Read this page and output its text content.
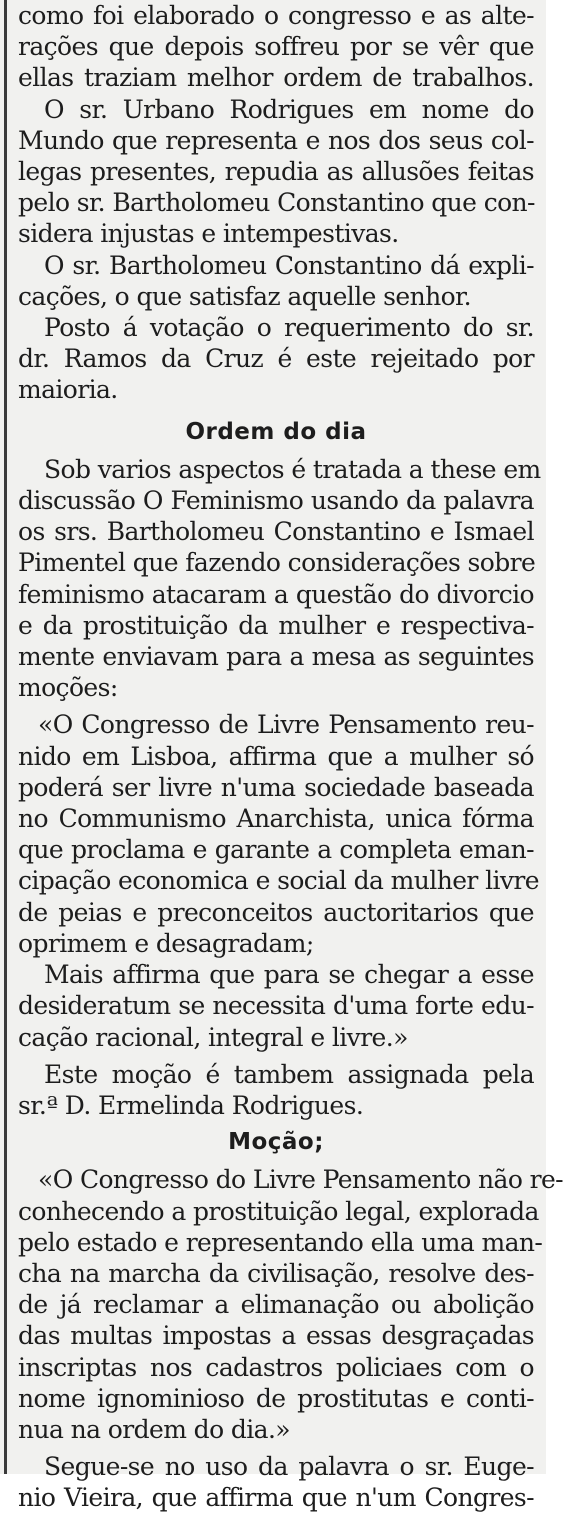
como foi elaborado o congresso e as alte-
rações que depois soffreu por se vêr que
ellas traziam melhor ordem de trabalhos.
O sr. Urbano Rodrigues em nome do
Mundo que representa e nos dos seus col-
legas presentes, repudia as allusões feitas
pelo sr. Bartholomeu Constantino que con-
sidera injustas e intempestivas.
O sr. Bartholomeu Constantino dá expli-
cações, o que satisfaz aquelle senhor.
Posto á votação o requerimento do sr.
dr. Ramos da Cruz é este rejeitado por
maioria.
Ordem do dia
Sob varios aspectos é tratada a these em
discussão O Feminismo usando da palavra
os srs. Bartholomeu Constantino e Ismael
Pimentel que fazendo considerações sobre
feminismo atacaram a questão do divorcio
e da prostituição da mulher e respectiva-
mente enviavam para a mesa as seguintes
moções:
«O Congresso de Livre Pensamento reu-
nido em Lisboa, affirma que a mulher só
poderá ser livre n'uma sociedade baseada
no Communismo Anarchista, unica fórma
que proclama e garante a completa eman-
cipação economica e social da mulher livre
de peias e preconceitos auctoritarios que
oprimem e desagradam;
Mais affirma que para se chegar a esse
desideratum se necessita d'uma forte edu-
cação racional, integral e livre.»
Este moção é tambem assignada pela
sr.ª D. Ermelinda Rodrigues.
Moção;
«O Congresso do Livre Pensamento não re-
conhecendo a prostituição legal, explorada
pelo estado e representando ella uma man-
cha na marcha da civilisação, resolve des-
de já reclamar a elimanação ou abolição
das multas impostas a essas desgraçadas
inscriptas nos cadastros policiaes com o
nome ignominioso de prostitutas e conti-
nua na ordem do dia.»
Segue-se no uso da palavra o sr. Euge-
nio Vieira, que affirma que n'um Congres-
